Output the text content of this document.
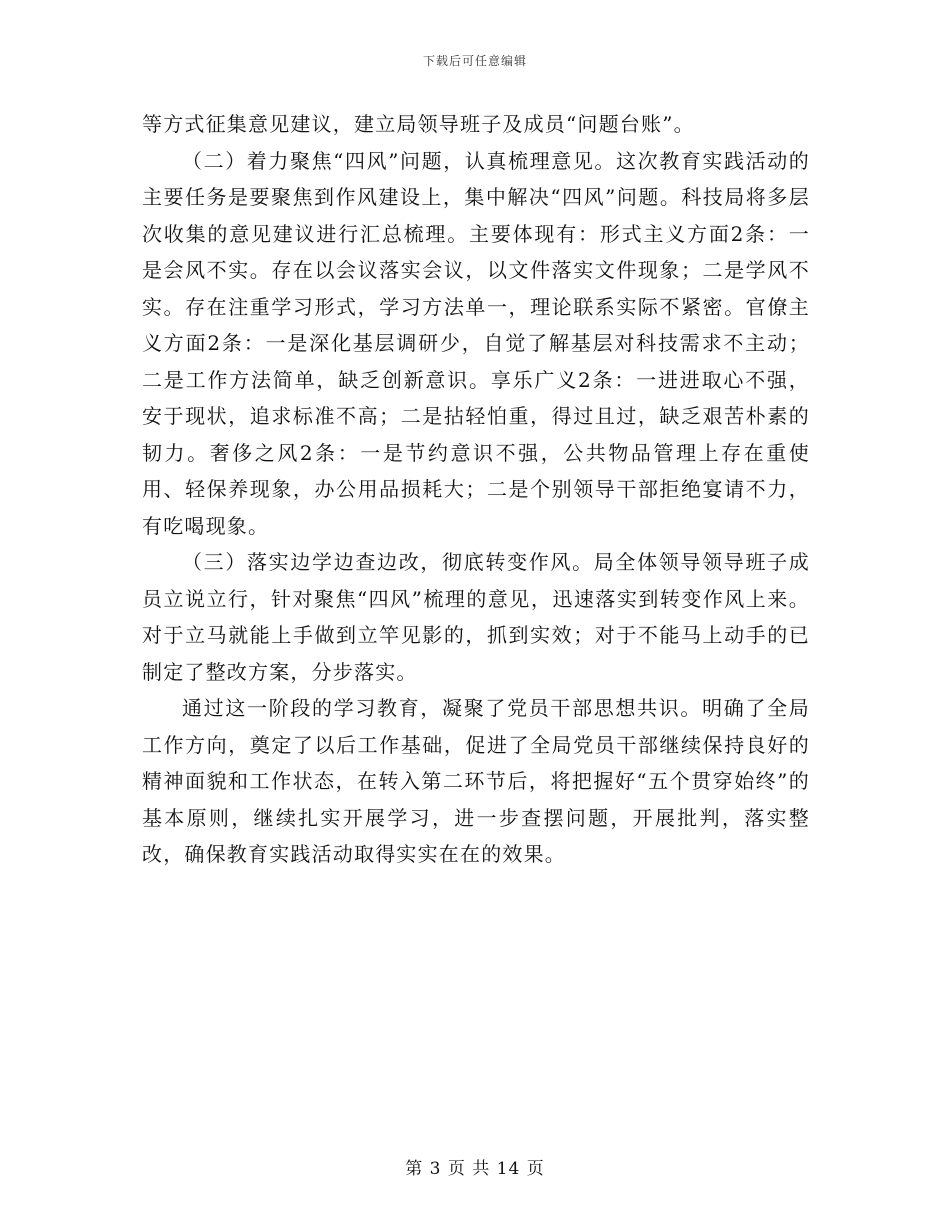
下载后可任意编辑

等方式征集意见建议，建立局领导班子及成员“问题台账”。

（二）着力聚焦“四风”问题，认真梳理意见。这次教育实践活动的主要任务是要聚焦到作风建设上，集中解决“四风”问题。科技局将多层次收集的意见建议进行汇总梳理。主要体现有：形式主义方面2条：一是会风不实。存在以会议落实会议，以文件落实文件现象；二是学风不实。存在注重学习形式，学习方法单一，理论联系实际不紧密。官僚主义方面2条：一是深化基层调研少，自觉了解基层对科技需求不主动；二是工作方法简单，缺乏创新意识。享乐广义2条：一进进取心不强，安于现状，追求标准不高；二是拈轻怕重，得过且过，缺乏艰苦朴素的韧力。奢侈之风2条：一是节约意识不强，公共物品管理上存在重使用、轻保养现象，办公用品损耗大；二是个别领导干部拒绝宴请不力，有吃喝现象。

（三）落实边学边查边改，彻底转变作风。局全体领导领导班子成员立说立行，针对聚焦“四风”梳理的意见，迅速落实到转变作风上来。对于立马就能上手做到立竿见影的，抓到实效；对于不能马上动手的已制定了整改方案，分步落实。

通过这一阶段的学习教育，凝聚了党员干部思想共识。明确了全局工作方向，奠定了以后工作基础，促进了全局党员干部继续保持良好的精神面貌和工作状态，在转入第二环节后，将把握好“五个贯穿始终”的基本原则，继续扎实开展学习，进一步查摆问题，开展批判，落实整改，确保教育实践活动取得实实在在的效果。

第 3 页 共 14 页
